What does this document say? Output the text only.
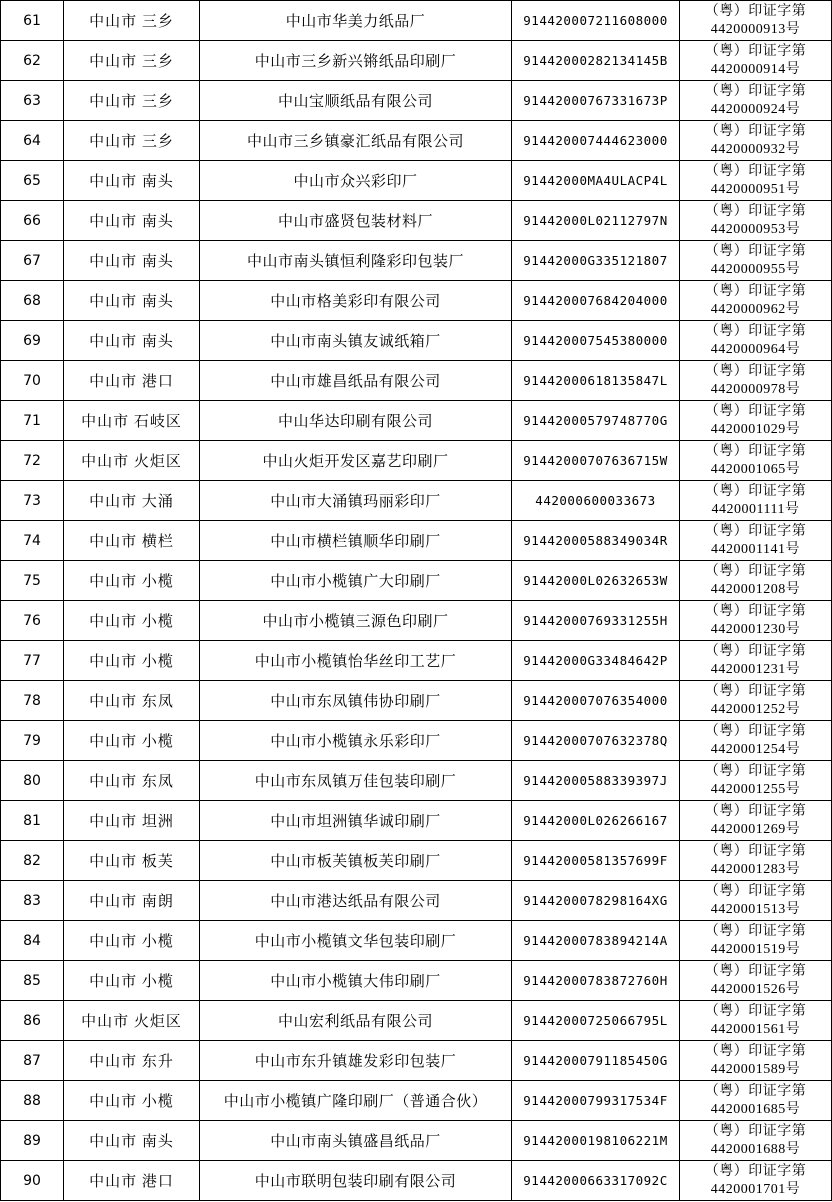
61	中山市 三乡	中山市华美力纸品厂	914420007211608000	（粤）印证字第
4420000913号

62	中山市 三乡	中山市三乡新兴锵纸品印刷厂	91442000282134145B	（粤）印证字第
4420000914号

63	中山市 三乡	中山宝顺纸品有限公司	91442000767331673P	（粤）印证字第
4420000924号

64	中山市 三乡	中山市三乡镇豪汇纸品有限公司	914420007444623000	（粤）印证字第
4420000932号

65	中山市 南头	中山市众兴彩印厂	91442000MA4ULACP4L	（粤）印证字第
4420000951号

66	中山市 南头	中山市盛贤包装材料厂	91442000L02112797N	（粤）印证字第
4420000953号

67	中山市 南头	中山市南头镇恒利隆彩印包装厂	91442000G335121807	（粤）印证字第
4420000955号

68	中山市 南头	中山市格美彩印有限公司	914420007684204000	（粤）印证字第
4420000962号

69	中山市 南头	中山市南头镇友诚纸箱厂	914420007545380000	（粤）印证字第
4420000964号

70	中山市 港口	中山市雄昌纸品有限公司	91442000618135847L	（粤）印证字第
4420000978号

71	中山市 石岐区	中山华达印刷有限公司	91442000579748770G	（粤）印证字第
4420001029号

72	中山市 火炬区	中山火炬开发区嘉艺印刷厂	91442000707636715W	（粤）印证字第
4420001065号

73	中山市 大涌	中山市大涌镇玛丽彩印厂	442000600033673	（粤）印证字第
4420001111号

74	中山市 横栏	中山市横栏镇顺华印刷厂	91442000588349034R	（粤）印证字第
4420001141号

75	中山市 小榄	中山市小榄镇广大印刷厂	91442000L02632653W	（粤）印证字第
4420001208号

76	中山市 小榄	中山市小榄镇三源色印刷厂	91442000769331255H	（粤）印证字第
4420001230号

77	中山市 小榄	中山市小榄镇怡华丝印工艺厂	91442000G33484642P	（粤）印证字第
4420001231号

78	中山市 东凤	中山市东凤镇伟协印刷厂	914420007076354000	（粤）印证字第
4420001252号

79	中山市 小榄	中山市小榄镇永乐彩印厂	91442000707632378Q	（粤）印证字第
4420001254号

80	中山市 东凤	中山市东凤镇万佳包装印刷厂	91442000588339397J	（粤）印证字第
4420001255号

81	中山市 坦洲	中山市坦洲镇华诚印刷厂	91442000L026266167	（粤）印证字第
4420001269号

82	中山市 板芙	中山市板芙镇板芙印刷厂	91442000581357699F	（粤）印证字第
4420001283号

83	中山市 南朗	中山市港达纸品有限公司	9144200078298164XG	（粤）印证字第
4420001513号

84	中山市 小榄	中山市小榄镇文华包装印刷厂	91442000783894214A	（粤）印证字第
4420001519号

85	中山市 小榄	中山市小榄镇大伟印刷厂	91442000783872760H	（粤）印证字第
4420001526号

86	中山市 火炬区	中山宏利纸品有限公司	91442000725066795L	（粤）印证字第
4420001561号

87	中山市 东升	中山市东升镇雄发彩印包装厂	91442000791185450G	（粤）印证字第
4420001589号

88	中山市 小榄	中山市小榄镇广隆印刷厂（普通合伙）	91442000799317534F	（粤）印证字第
4420001685号

89	中山市 南头	中山市南头镇盛昌纸品厂	91442000198106221M	（粤）印证字第
4420001688号

90	中山市 港口	中山市联明包装印刷有限公司	91442000663317092C	（粤）印证字第
4420001701号
